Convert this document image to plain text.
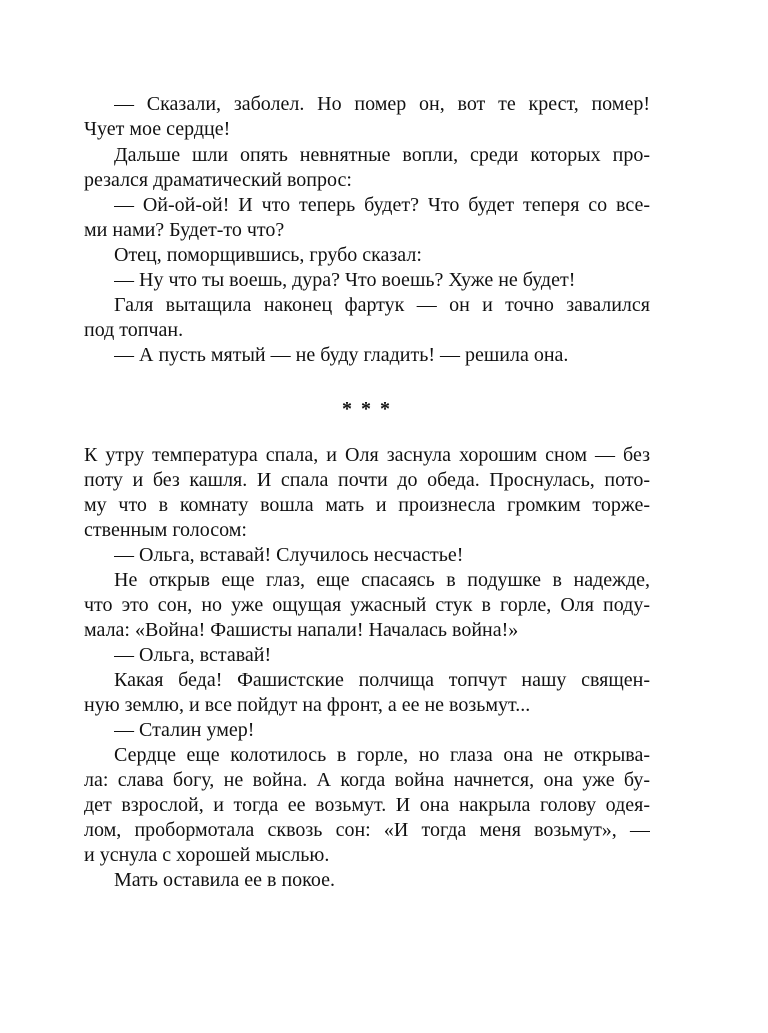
— Сказали, заболел. Но помер он, вот те крест, помер!
Чует мое сердце!
Дальше шли опять невнятные вопли, среди которых про-
резался драматический вопрос:
— Ой-ой-ой! И что теперь будет? Что будет теперя со все-
ми нами? Будет-то что?
Отец, поморщившись, грубо сказал:
— Ну что ты воешь, дура? Что воешь? Хуже не будет!
Галя вытащила наконец фартук — он и точно завалился
под топчан.
— А пусть мятый — не буду гладить! — решила она.
* * *
К утру температура спала, и Оля заснула хорошим сном — без
поту и без кашля. И спала почти до обеда. Проснулась, пото-
му что в комнату вошла мать и произнесла громким торже-
ственным голосом:
— Ольга, вставай! Случилось несчастье!
Не открыв еще глаз, еще спасаясь в подушке в надежде,
что это сон, но уже ощущая ужасный стук в горле, Оля поду-
мала: «Война! Фашисты напали! Началась война!»
— Ольга, вставай!
Какая беда! Фашистские полчища топчут нашу священ-
ную землю, и все пойдут на фронт, а ее не возьмут...
— Сталин умер!
Сердце еще колотилось в горле, но глаза она не открыва-
ла: слава богу, не война. А когда война начнется, она уже бу-
дет взрослой, и тогда ее возьмут. И она накрыла голову одея-
лом, пробормотала сквозь сон: «И тогда меня возьмут», —
и уснула с хорошей мыслью.
Мать оставила ее в покое.
